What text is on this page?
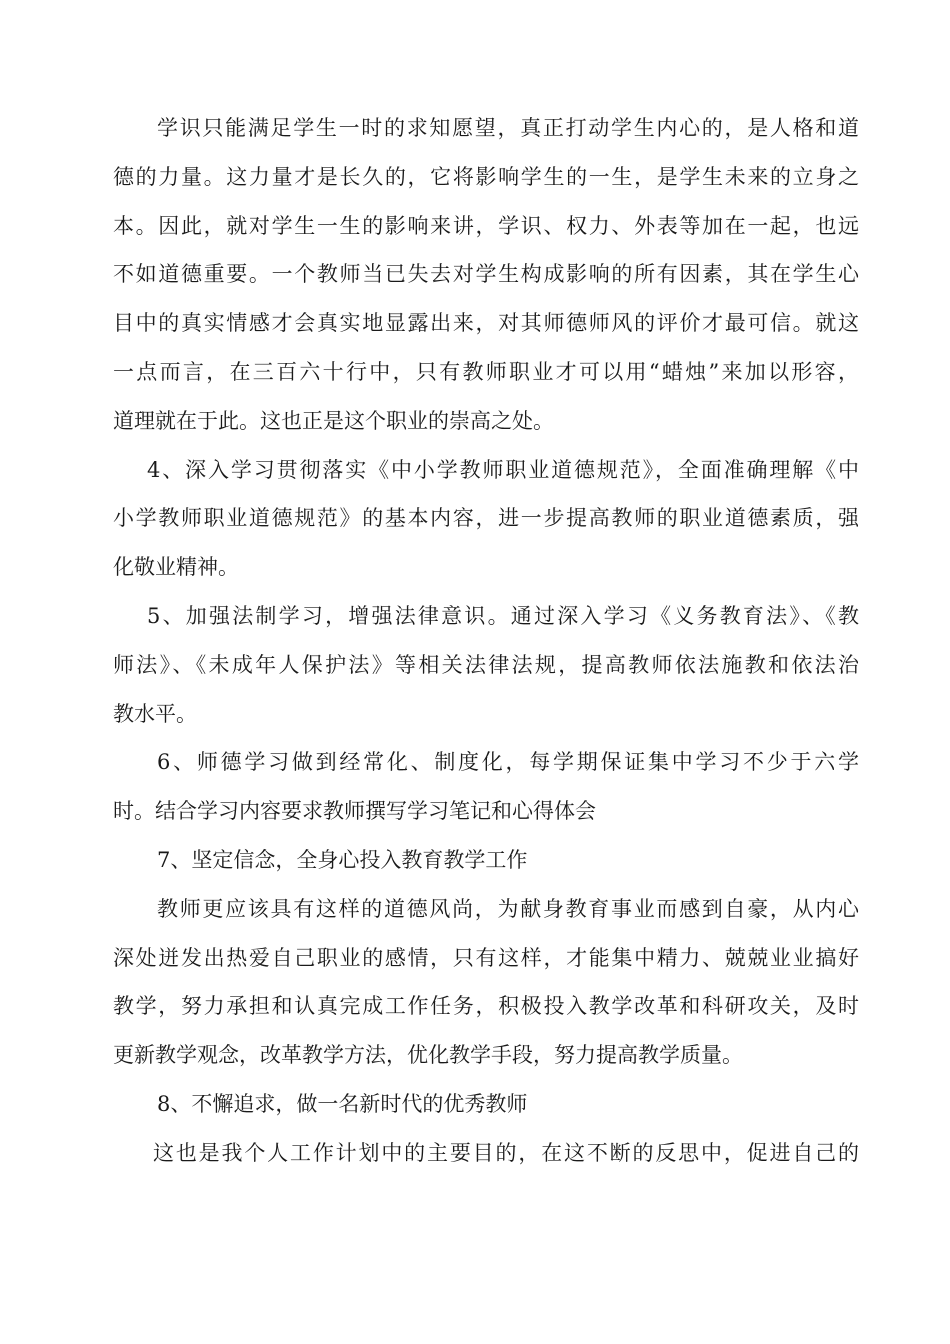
学识只能满足学生一时的求知愿望，真正打动学生内心的，是人格和道
德的力量。这力量才是长久的，它将影响学生的一生，是学生未来的立身之
本。因此，就对学生一生的影响来讲，学识、权力、外表等加在一起，也远
不如道德重要。一个教师当已失去对学生构成影响的所有因素，其在学生心
目中的真实情感才会真实地显露出来，对其师德师风的评价才最可信。就这
一点而言，在三百六十行中，只有教师职业才可以用“蜡烛”来加以形容，
道理就在于此。这也正是这个职业的崇高之处。
4、深入学习贯彻落实《中小学教师职业道德规范》，全面准确理解《中
小学教师职业道德规范》的基本内容，进一步提高教师的职业道德素质，强
化敬业精神。
5、加强法制学习，增强法律意识。通过深入学习《义务教育法》、《教
师法》、《未成年人保护法》等相关法律法规，提高教师依法施教和依法治
教水平。
6、师德学习做到经常化、制度化，每学期保证集中学习不少于六学
时。结合学习内容要求教师撰写学习笔记和心得体会
7、坚定信念，全身心投入教育教学工作
教师更应该具有这样的道德风尚，为献身教育事业而感到自豪，从内心
深处迸发出热爱自己职业的感情，只有这样，才能集中精力、兢兢业业搞好
教学，努力承担和认真完成工作任务，积极投入教学改革和科研攻关，及时
更新教学观念，改革教学方法，优化教学手段，努力提高教学质量。
8、不懈追求，做一名新时代的优秀教师
这也是我个人工作计划中的主要目的，在这不断的反思中，促进自己的
